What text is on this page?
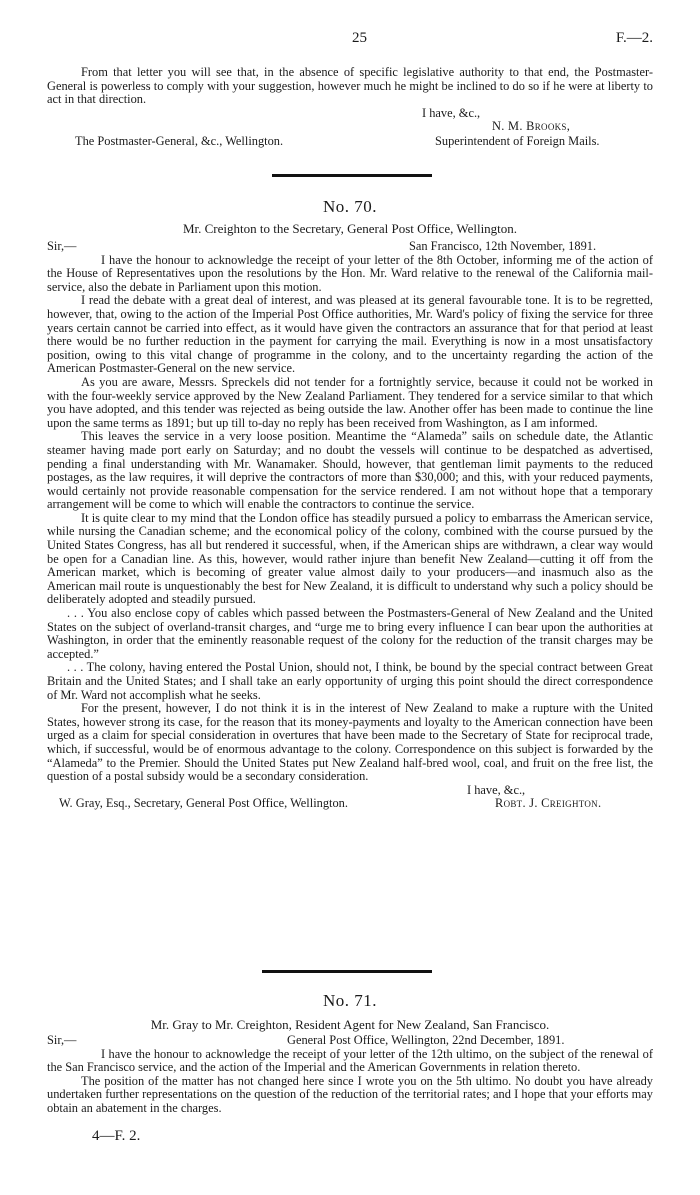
25	F.—2.

From that letter you will see that, in the absence of specific legislative authority to that end, the Postmaster-General is powerless to comply with your suggestion, however much he might be inclined to do so if he were at liberty to act in that direction.

I have, &c.,
N. M. Brooks,
The Postmaster-General, &c., Wellington.	Superintendent of Foreign Mails.
No. 70.
Mr. Creighton to the Secretary, General Post Office, Wellington.
Sir,—	San Francisco, 12th November, 1891.

I have the honour to acknowledge the receipt of your letter of the 8th October, informing me of the action of the House of Representatives upon the resolutions by the Hon. Mr. Ward relative to the renewal of the California mail-service, also the debate in Parliament upon this motion.

I read the debate with a great deal of interest, and was pleased at its general favourable tone. It is to be regretted, however, that, owing to the action of the Imperial Post Office authorities, Mr. Ward's policy of fixing the service for three years certain cannot be carried into effect, as it would have given the contractors an assurance that for that period at least there would be no further reduction in the payment for carrying the mail. Everything is now in a most unsatisfactory position, owing to this vital change of programme in the colony, and to the uncertainty regarding the action of the American Postmaster-General on the new service.

As you are aware, Messrs. Spreckels did not tender for a fortnightly service, because it could not be worked in with the four-weekly service approved by the New Zealand Parliament. They tendered for a service similar to that which you have adopted, and this tender was rejected as being outside the law. Another offer has been made to continue the line upon the same terms as 1891; but up till to-day no reply has been received from Washington, as I am informed.

This leaves the service in a very loose position. Meantime the “Alameda” sails on schedule date, the Atlantic steamer having made port early on Saturday; and no doubt the vessels will continue to be despatched as advertised, pending a final understanding with Mr. Wanamaker. Should, however, that gentleman limit payments to the reduced postages, as the law requires, it will deprive the contractors of more than $30,000; and this, with your reduced payments, would certainly not provide reasonable compensation for the service rendered. I am not without hope that a temporary arrangement will be come to which will enable the contractors to continue the service.

It is quite clear to my mind that the London office has steadily pursued a policy to embarrass the American service, while nursing the Canadian scheme; and the economical policy of the colony, combined with the course pursued by the United States Congress, has all but rendered it successful, when, if the American ships are withdrawn, a clear way would be open for a Canadian line. As this, however, would rather injure than benefit New Zealand—cutting it off from the American market, which is becoming of greater value almost daily to your producers—and inasmuch also as the American mail route is unquestionably the best for New Zealand, it is difficult to understand why such a policy should be deliberately adopted and steadily pursued.

. . . You also enclose copy of cables which passed between the Postmasters-General of New Zealand and the United States on the subject of overland-transit charges, and “urge me to bring every influence I can bear upon the authorities at Washington, in order that the eminently reasonable request of the colony for the reduction of the transit charges may be accepted.”

. . . The colony, having entered the Postal Union, should not, I think, be bound by the special contract between Great Britain and the United States; and I shall take an early opportunity of urging this point should the direct correspondence of Mr. Ward not accomplish what he seeks.

For the present, however, I do not think it is in the interest of New Zealand to make a rupture with the United States, however strong its case, for the reason that its money-payments and loyalty to the American connection have been urged as a claim for special consideration in overtures that have been made to the Secretary of State for reciprocal trade, which, if successful, would be of enormous advantage to the colony. Correspondence on this subject is forwarded by the “Alameda” to the Premier. Should the United States put New Zealand half-bred wool, coal, and fruit on the free list, the question of a postal subsidy would be a secondary consideration.

I have, &c.,
W. Gray, Esq., Secretary, General Post Office, Wellington.	Robt. J. Creighton.
No. 71.
Mr. Gray to Mr. Creighton, Resident Agent for New Zealand, San Francisco.
Sir,—	General Post Office, Wellington, 22nd December, 1891.

I have the honour to acknowledge the receipt of your letter of the 12th ultimo, on the subject of the renewal of the San Francisco service, and the action of the Imperial and the American Governments in relation thereto.

The position of the matter has not changed here since I wrote you on the 5th ultimo. No doubt you have already undertaken further representations on the question of the reduction of the territorial rates; and I hope that your efforts may obtain an abatement in the charges.

4—F. 2.
